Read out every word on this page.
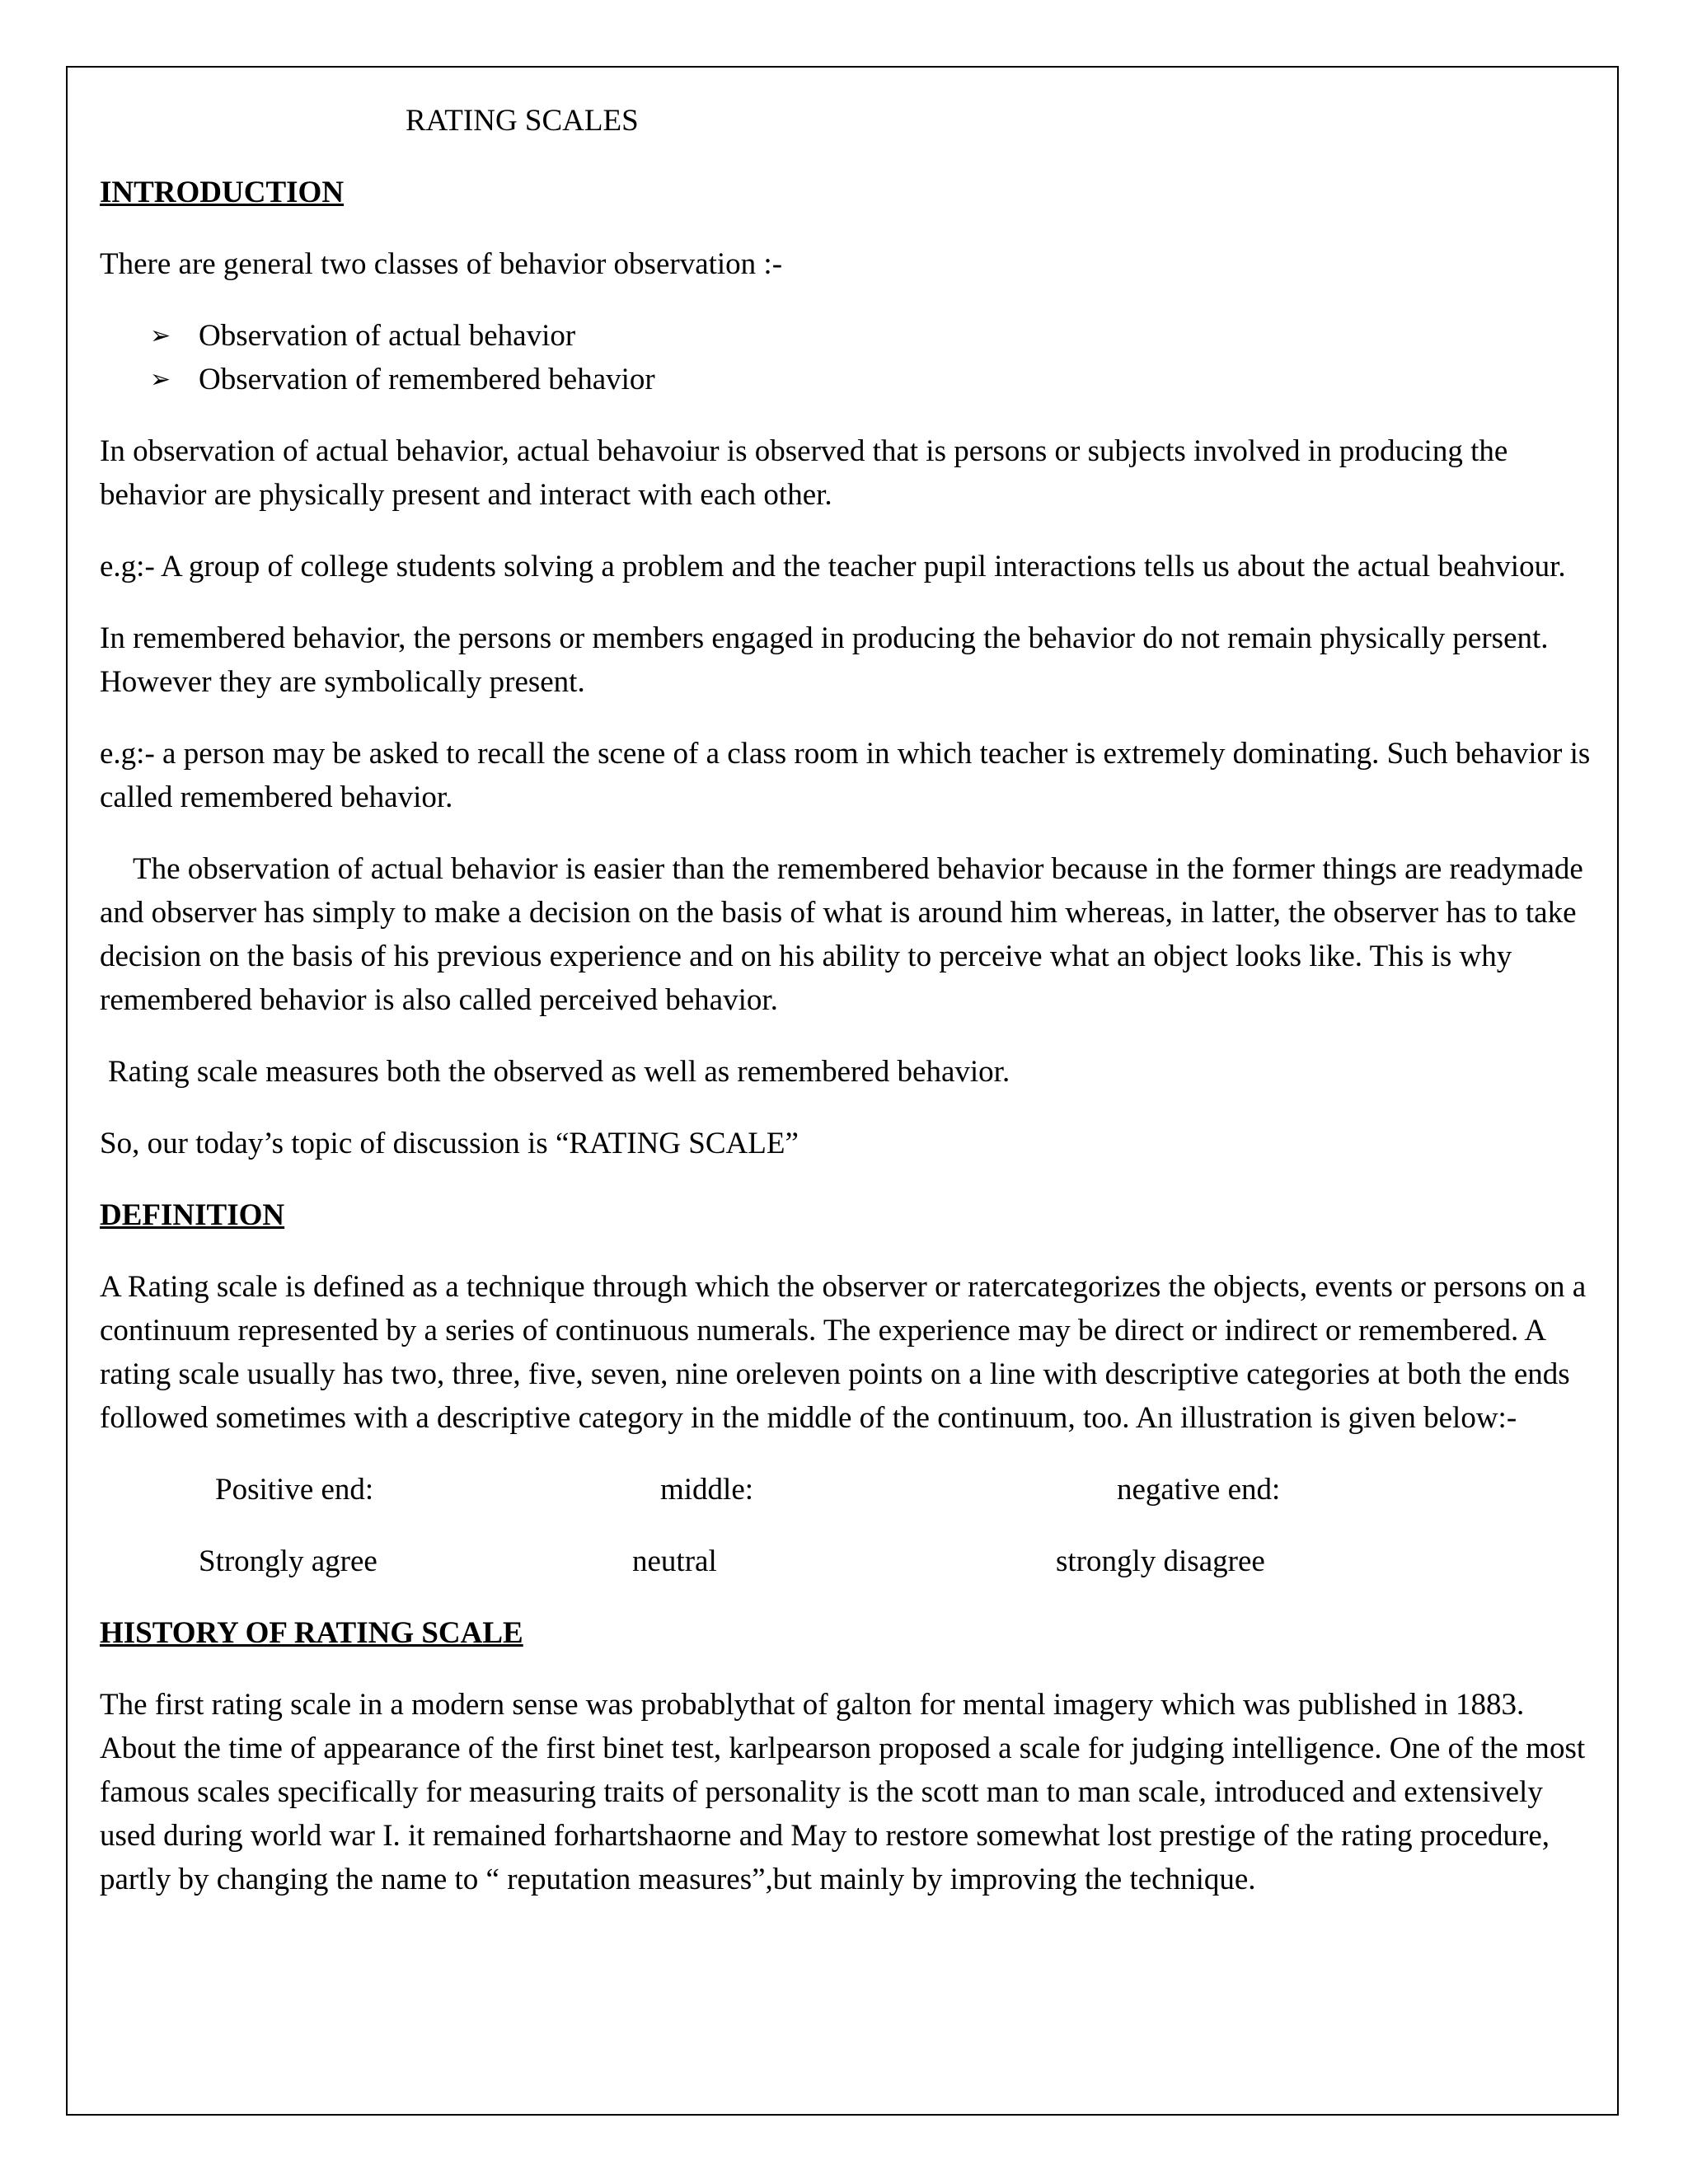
RATING SCALES
INTRODUCTION

There are general two classes of behavior observation :-

➢ Observation of actual behavior
➢ Observation of remembered behavior

In observation of actual behavior, actual behavoiur is observed that is persons or subjects involved in producing the behavior are physically present and interact with each other.

e.g:- A group of college students solving a problem and the teacher pupil interactions tells us about the actual beahviour.

In remembered behavior, the persons or members engaged in producing the behavior do not remain physically persent. However they are symbolically present.

e.g:- a person may be asked to recall the scene of a class room in which teacher is extremely dominating. Such behavior is called remembered behavior.

The observation of actual behavior is easier than the remembered behavior because in the former things are readymade and observer has simply to make a decision on the basis of what is around him whereas, in latter, the observer has to take decision on the basis of his previous experience and on his ability to perceive what an object looks like. This is why remembered behavior is also called perceived behavior.

Rating scale measures both the observed as well as remembered behavior.

So, our today’s topic of discussion is “RATING SCALE”

DEFINITION

A Rating scale is defined as a technique through which the observer or ratercategorizes the objects, events or persons on a continuum represented by a series of continuous numerals. The experience may be direct or indirect or remembered. A rating scale usually has two, three, five, seven, nine oreleven points on a line with descriptive categories at both the ends followed sometimes with a descriptive category in the middle of the continuum, too. An illustration is given below:-

Positive end:	middle:	negative end:
Strongly agree	neutral	strongly disagree
HISTORY OF RATING SCALE

The first rating scale in a modern sense was probablythat of galton for mental imagery which was published in 1883. About the time of appearance of the first binet test, karlpearson proposed a scale for judging intelligence. One of the most famous scales specifically for measuring traits of personality is the scott man to man scale, introduced and extensively used during world war I. it remained forhartshaorne and May to restore somewhat lost prestige of the rating procedure, partly by changing the name to “ reputation measures”,but mainly by improving the technique.
